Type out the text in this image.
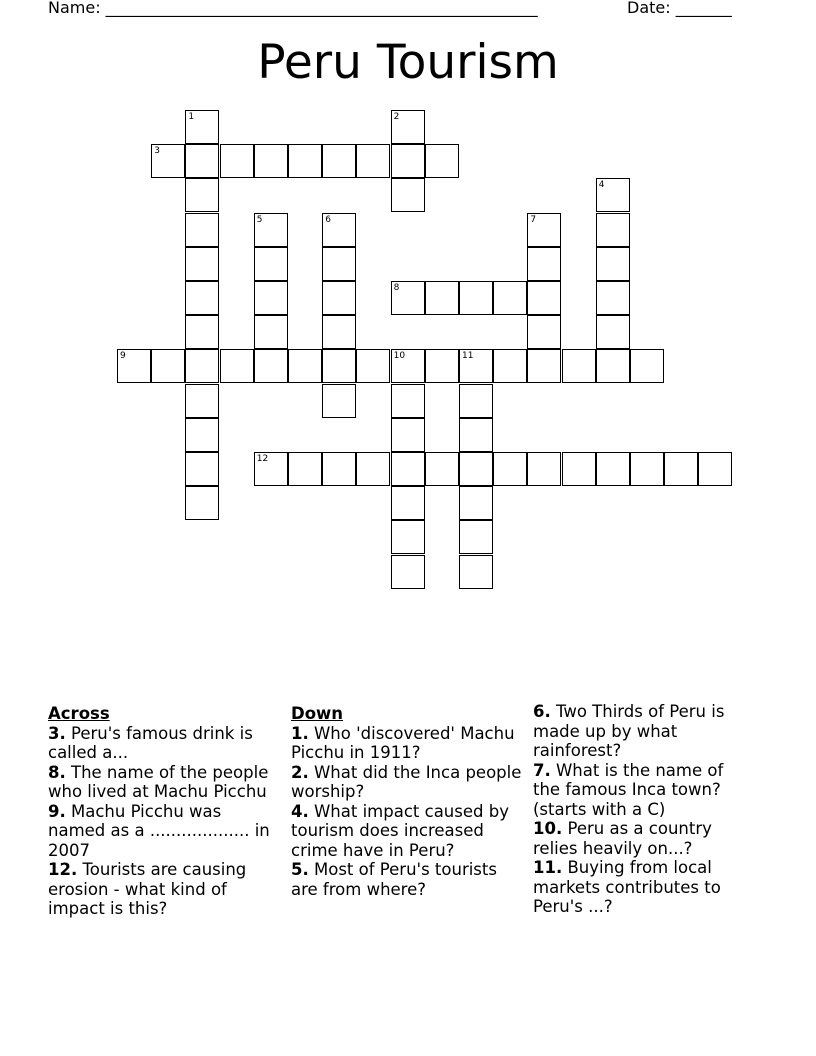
Name: ______________________________________________________	Date: _______
Peru Tourism
1	2
3
4
5	6	7
8
9	10	11
12
Across
3. Peru's famous drink is called a...
8. The name of the people who lived at Machu Picchu
9. Machu Picchu was named as a ................... in 2007
12. Tourists are causing erosion - what kind of impact is this?
Down
1. Who 'discovered' Machu Picchu in 1911?
2. What did the Inca people worship?
4. What impact caused by tourism does increased crime have in Peru?
5. Most of Peru's tourists are from where?
6. Two Thirds of Peru is made up by what rainforest?
7. What is the name of the famous Inca town? (starts with a C)
10. Peru as a country relies heavily on...?
11. Buying from local markets contributes to Peru's ...?
